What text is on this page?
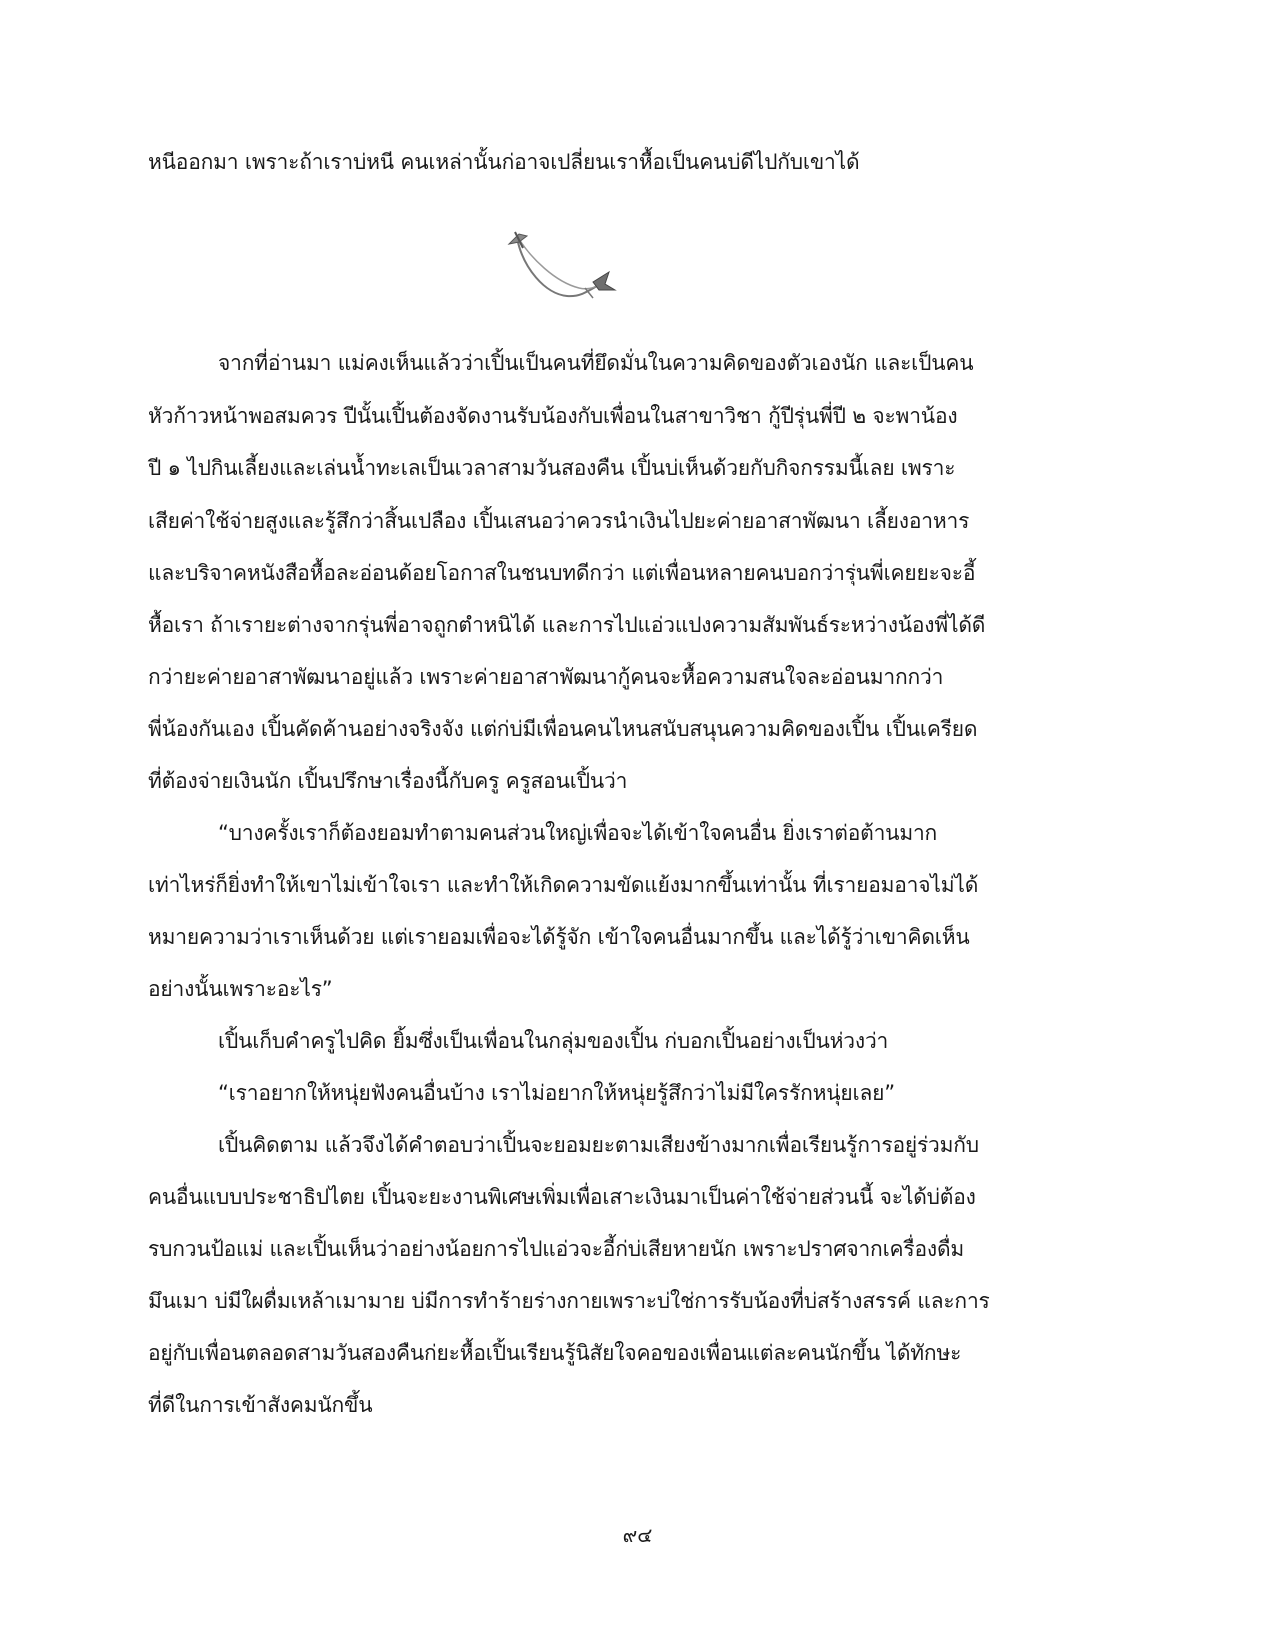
หนีออกมา เพราะถ้าเราบ่หนี คนเหล่านั้นก่อาจเปลี่ยนเราหื้อเป็นคนบ่ดีไปกับเขาได้
จากที่อ่านมา แม่คงเห็นแล้วว่าเปิ้นเป็นคนที่ยึดมั่นในความคิดของตัวเองนัก และเป็นคน
หัวก้าวหน้าพอสมควร ปีนั้นเปิ้นต้องจัดงานรับน้องกับเพื่อนในสาขาวิชา กู้ปีรุ่นพี่ปี ๒ จะพาน้อง
ปี ๑ ไปกินเลี้ยงและเล่นน้ำทะเลเป็นเวลาสามวันสองคืน เปิ้นบ่เห็นด้วยกับกิจกรรมนี้เลย เพราะ
เสียค่าใช้จ่ายสูงและรู้สึกว่าสิ้นเปลือง เปิ้นเสนอว่าควรนำเงินไปยะค่ายอาสาพัฒนา เลี้ยงอาหาร
และบริจาคหนังสือหื้อละอ่อนด้อยโอกาสในชนบทดีกว่า แต่เพื่อนหลายคนบอกว่ารุ่นพี่เคยยะจะอี้
หื้อเรา ถ้าเรายะต่างจากรุ่นพี่อาจถูกตำหนิได้ และการไปแอ่วแปงความสัมพันธ์ระหว่างน้องพี่ได้ดี
กว่ายะค่ายอาสาพัฒนาอยู่แล้ว เพราะค่ายอาสาพัฒนากู้คนจะหื้อความสนใจละอ่อนมากกว่า
พี่น้องกันเอง เปิ้นคัดค้านอย่างจริงจัง แต่ก่บ่มีเพื่อนคนไหนสนับสนุนความคิดของเปิ้น เปิ้นเครียด
ที่ต้องจ่ายเงินนัก เปิ้นปรึกษาเรื่องนี้กับครู ครูสอนเปิ้นว่า
“บางครั้งเราก็ต้องยอมทำตามคนส่วนใหญ่เพื่อจะได้เข้าใจคนอื่น ยิ่งเราต่อต้านมาก
เท่าไหร่ก็ยิ่งทำให้เขาไม่เข้าใจเรา และทำให้เกิดความขัดแย้งมากขึ้นเท่านั้น ที่เรายอมอาจไม่ได้
หมายความว่าเราเห็นด้วย แต่เรายอมเพื่อจะได้รู้จัก เข้าใจคนอื่นมากขึ้น และได้รู้ว่าเขาคิดเห็น
อย่างนั้นเพราะอะไร”
เปิ้นเก็บคำครูไปคิด ยิ้มซึ่งเป็นเพื่อนในกลุ่มของเปิ้น ก่บอกเปิ้นอย่างเป็นห่วงว่า
“เราอยากให้หนุ่ยฟังคนอื่นบ้าง เราไม่อยากให้หนุ่ยรู้สึกว่าไม่มีใครรักหนุ่ยเลย”
เปิ้นคิดตาม แล้วจึงได้คำตอบว่าเปิ้นจะยอมยะตามเสียงข้างมากเพื่อเรียนรู้การอยู่ร่วมกับ
คนอื่นแบบประชาธิปไตย เปิ้นจะยะงานพิเศษเพิ่มเพื่อเสาะเงินมาเป็นค่าใช้จ่ายส่วนนี้ จะได้บ่ต้อง
รบกวนป้อแม่ และเปิ้นเห็นว่าอย่างน้อยการไปแอ่วจะอี้ก่บ่เสียหายนัก เพราะปราศจากเครื่องดื่ม
มึนเมา บ่มีใผดื่มเหล้าเมามาย บ่มีการทำร้ายร่างกายเพราะบ่ใช่การรับน้องที่บ่สร้างสรรค์ และการ
อยู่กับเพื่อนตลอดสามวันสองคืนก่ยะหื้อเปิ้นเรียนรู้นิสัยใจคอของเพื่อนแต่ละคนนักขึ้น ได้ทักษะ
ที่ดีในการเข้าสังคมนักขึ้น
๙๔
